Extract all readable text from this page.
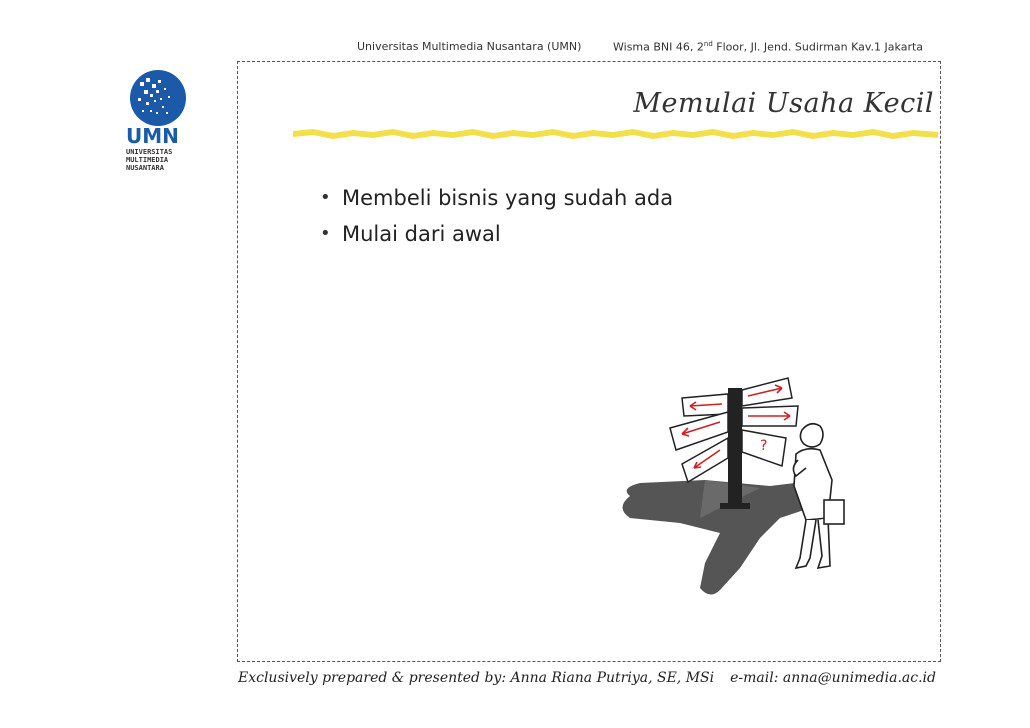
Universitas Multimedia Nusantara (UMN)	Wisma BNI 46, 2nd Floor, Jl. Jend. Sudirman Kav.1 Jakarta
UMN
UNIVERSITAS
MULTIMEDIA
NUSANTARA
Memulai Usaha Kecil
• Membeli bisnis yang sudah ada
• Mulai dari awal
?
Exclusively prepared & presented by: Anna Riana Putriya, SE, MSi e-mail: anna@unimedia.ac.id
